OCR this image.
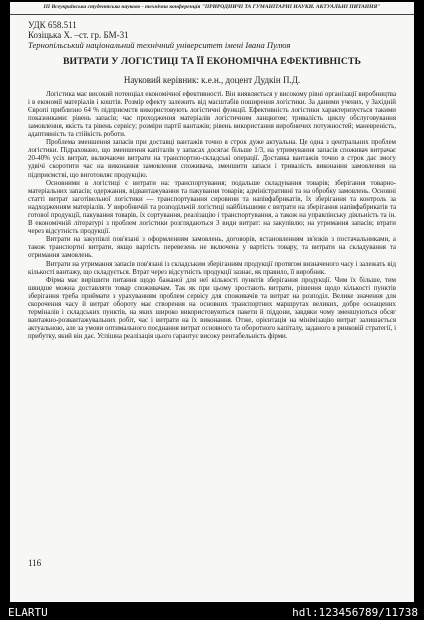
ІІІ Всеукраїнська студентська науково - технічна конференція "ПРИРОДНИЧІ ТА ГУМАНІТАРНІ НАУКИ. АКТУАЛЬНІ ПИТАННЯ"
УДК 658.511
Козіцька Х. –ст. гр. БМ-31
Тернопільський національний технічний університет імені Івана Пулюя
ВИТРАТИ У ЛОГІСТИЦІ ТА ЇЇ ЕКОНОМІЧНА ЕФЕКТИВНІСТЬ
Науковий керівник: к.е.н., доцент Дудкін П.Д.

Логістика має високий потенціал економічної ефективності. Він виявляється у високому рівні організації виробництва і в економії матеріалів і коштів. Розмір ефекту залежить від масштабів поширення логістики. За даними учених, у Західній Європі приблизно 64 % підприємств використовують логістичні функції. Ефективність логістики характеризується такими показниками: рівень запасів; час проходження матеріалів логістичним ланцюгом; тривалість циклу обслуговування замовлення, якість та рівень сервісу; розміри партії вантажів; рівень використання виробничих потужностей; маневреність, адаптивність та стійкість роботи.

Проблема зменшення запасів при доставці вантажів точно в строк дуже актуальна. Це одна з центральних проблем логістики. Підраховано, що зменшення капіталів у запасах досягає більше 1/3, на утримування запасів споживач витрачає 20-40% усіх витрат, включаючи витрати на транспортно-складські операції. Доставка вантажів точно в строк дає змогу удвічі скоротити час на виконання замовлення споживача, зменшити запаси і тривалість виконання замовлення на підприємстві, що виготовляє продукцію.

Основними в логістиці є витрати на: транспортування; подальше складування товарів; зберігання товарно-матеріальних запасів; одержання, відвантажування та пакування товарів; адміністративні та на обробку замовлень. Основні статті витрат заготівельної логістики — транспортування сировини та напівфабрикатів, їх зберігання та контроль за надходженням матеріалів. У виробничій та розподільчій логістиці найбільшими є витрати на зберігання напівфабрикатів та готової продукції, пакування товарів, їх сортування, реалізацію і транспортування, а також на управлінську діяльність та ін. В економічній літературі з проблем логістики розглядаються 3 види витрат: на закупівлю; на утримання запасів; втрати через відсутність продукції.

Витрати на закупівлі пов'язані з оформленням замовлень, договорів, встановленням зв'язків з постачальниками, а також транспортні витрати, якщо вартість перевезень не включена у вартість товару, та витрати на складування та отримання замовлень.

Витрати на утримання запасів пов'язані із складським зберіганням продукції протягом визначеного часу і залежать від кількості вантажу, що складується. Втрат через відсутність продукції зазнає, як правило, її виробник.

Фірма має вирішити питання щодо бажаної для неї кількості пунктів зберігання продукції. Чим їх більше, тим швидше можна доставляти товар споживачам. Так як при цьому зростають витрати, рішення щодо кількості пунктів зберігання треба приймати з урахуванням проблем сервісу для споживачів та витрат на розподіл. Велике значення для скорочення часу й витрат обороту має створення на основних транспортних маршрутах великих, добре оснащених терміналів і складських пунктів, на яких широко використовуються пакети й піддони, завдяки чому зменшуються обсяг вантажно-розвантажувальних робіт, час і витрати на їх виконання. Отже, орієнтація на мінімізацію витрат залишається актуальною, але за умови оптимального поєднання витрат основного та оборотного капіталу, заданого в ринковій стратегії, і прибутку, який він дає. Успішна реалізація цього гарантує високу рентабельність фірми.

116
ELARTU	hdl:123456789/11738
